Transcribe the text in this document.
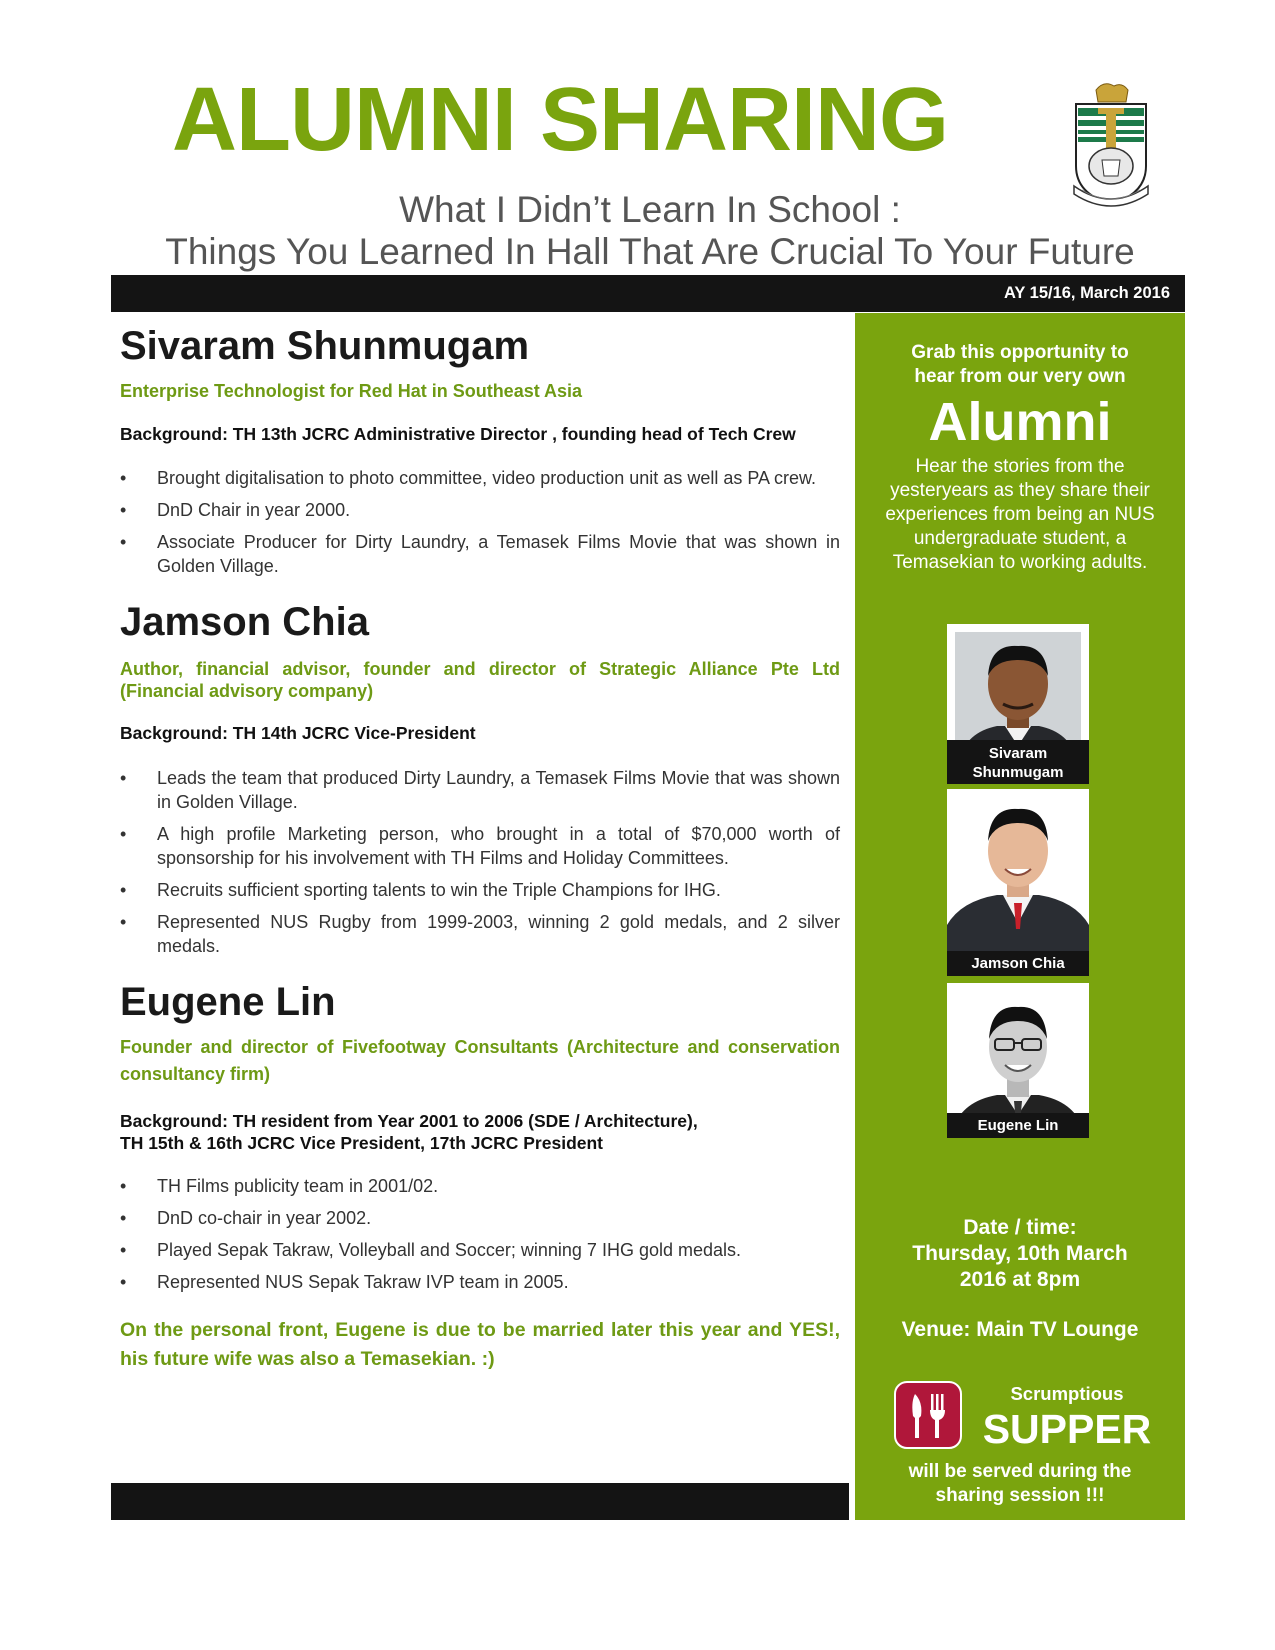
ALUMNI SHARING
What I Didn’t Learn In School :
Things You Learned In Hall That Are Crucial To Your Future
AY 15/16, March 2016
Sivaram Shunmugam

Enterprise Technologist for Red Hat in Southeast Asia

Background: TH 13th JCRC Administrative Director , founding head of Tech Crew

• Brought digitalisation to photo committee, video production unit as well as PA crew.
• DnD Chair in year 2000.
• Associate Producer for Dirty Laundry, a Temasek Films Movie that was shown in Golden Village.
Jamson Chia

Author, financial advisor, founder and director of Strategic Alliance Pte Ltd (Financial advisory company)

Background: TH 14th JCRC Vice-President

• Leads the team that produced Dirty Laundry, a Temasek Films Movie that was shown in Golden Village.
• A high profile Marketing person, who brought in a total of $70,000 worth of sponsorship for his involvement with TH Films and Holiday Committees.
• Recruits sufficient sporting talents to win the Triple Champions for IHG.
• Represented NUS Rugby from 1999-2003, winning 2 gold medals, and 2 silver medals.
Eugene Lin

Founder and director of Fivefootway Consultants (Architecture and conservation consultancy firm)

Background: TH resident from Year 2001 to 2006 (SDE / Architecture),
TH 15th & 16th JCRC Vice President, 17th JCRC President

• TH Films publicity team in 2001/02.
• DnD co-chair in year 2002.
• Played Sepak Takraw, Volleyball and Soccer; winning 7 IHG gold medals.
• Represented NUS Sepak Takraw IVP team in 2005.

On the personal front, Eugene is due to be married later this year and YES!, his future wife was also a Temasekian. :)

Grab this opportunity to
hear from our very own
Alumni
Hear the stories from the yesteryears as they share their experiences from being an NUS undergraduate student, a Temasekian to working adults.
Sivaram
Shunmugam
Jamson Chia
Eugene Lin
Date / time:
Thursday, 10th March
2016 at 8pm
Venue: Main TV Lounge
Scrumptious
SUPPER
will be served during the
sharing session !!!
